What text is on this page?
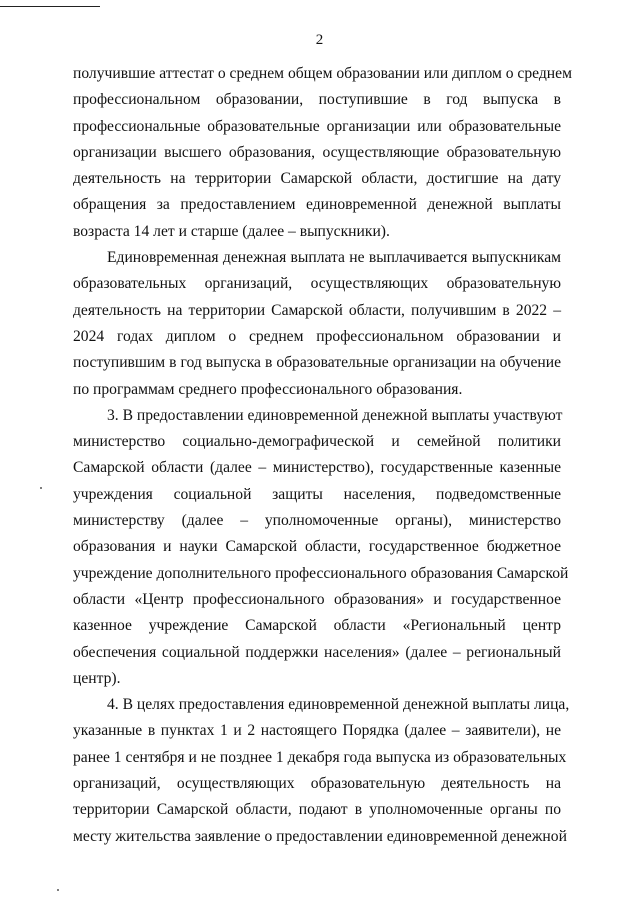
2
получившие аттестат о среднем общем образовании или диплом о среднем
профессиональном образовании, поступившие в год выпуска в
профессиональные образовательные организации или образовательные
организации высшего образования, осуществляющие образовательную
деятельность на территории Самарской области, достигшие на дату
обращения за предоставлением единовременной денежной выплаты
возраста 14 лет и старше (далее – выпускники).
Единовременная денежная выплата не выплачивается выпускникам
образовательных организаций, осуществляющих образовательную
деятельность на территории Самарской области, получившим в 2022 –
2024 годах диплом о среднем профессиональном образовании и
поступившим в год выпуска в образовательные организации на обучение
по программам среднего профессионального образования.
3. В предоставлении единовременной денежной выплаты участвуют
министерство социально-демографической и семейной политики
Самарской области (далее – министерство), государственные казенные
учреждения социальной защиты населения, подведомственные
министерству (далее – уполномоченные органы), министерство
образования и науки Самарской области, государственное бюджетное
учреждение дополнительного профессионального образования Самарской
области «Центр профессионального образования» и государственное
казенное учреждение Самарской области «Региональный центр
обеспечения социальной поддержки населения» (далее – региональный
центр).
4. В целях предоставления единовременной денежной выплаты лица,
указанные в пунктах 1 и 2 настоящего Порядка (далее – заявители), не
ранее 1 сентября и не позднее 1 декабря года выпуска из образовательных
организаций, осуществляющих образовательную деятельность на
территории Самарской области, подают в уполномоченные органы по
месту жительства заявление о предоставлении единовременной денежной
